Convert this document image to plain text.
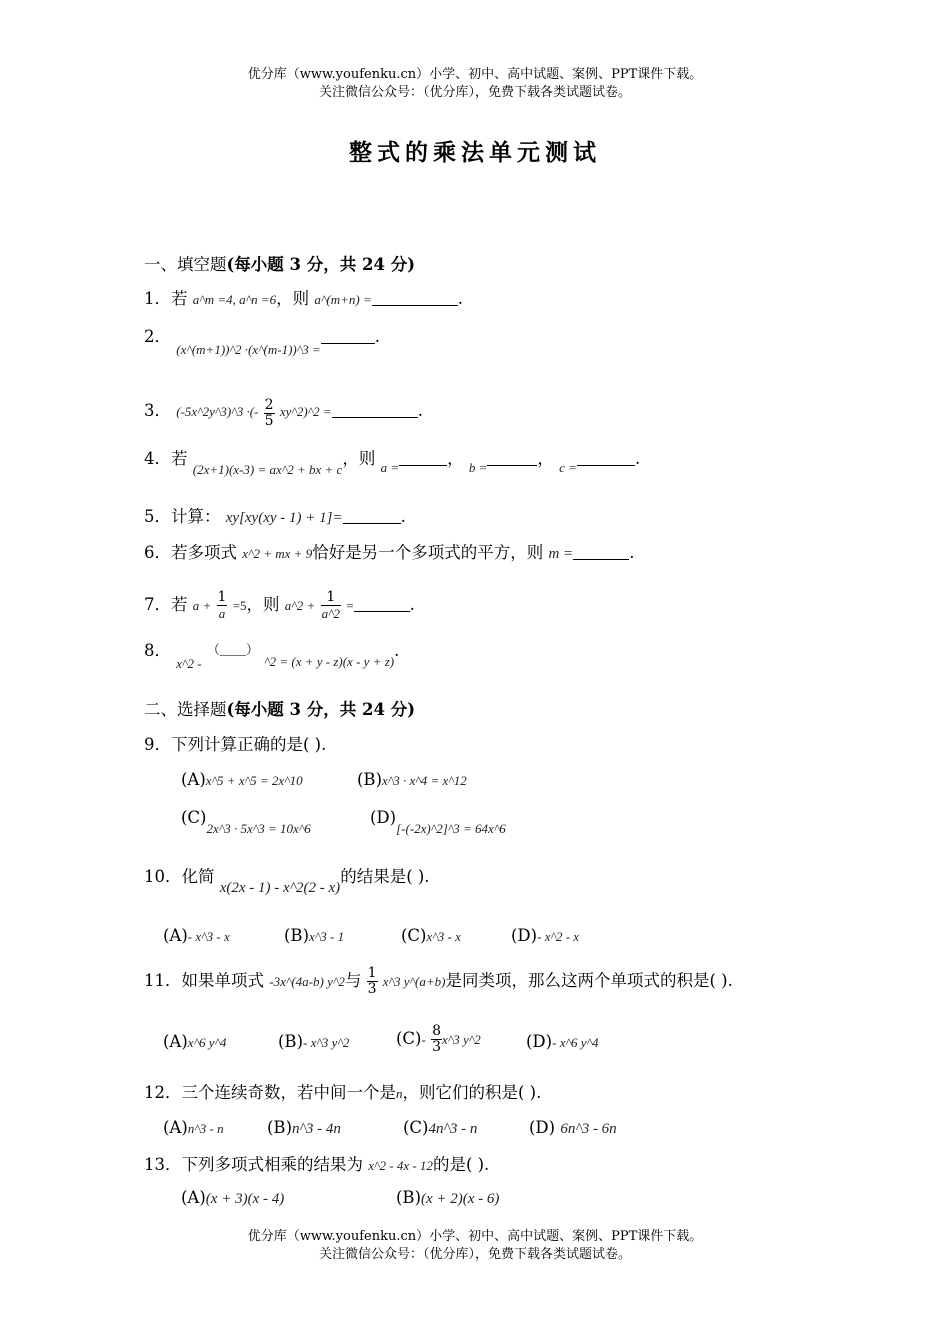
优分库（www.youfenku.cn）小学、初中、高中试题、案例、PPT课件下载。
关注微信公众号：（优分库），免费下载各类试题试卷。
整式的乘法单元测试
一、填空题(每小题 3 分，共 24 分)
1．若 a^m =4, a^n =6，则 a^(m+n) =	.
2． $_{(x\^{}(m+1))\^{}2 \cdot(x\^{}(m-1))\^{}3 =}$.
3． (-5x^2y^3)^3 ·(- $\frac{2}{5}$ xy^2)^2 =	.
4．若 $_{(2x+1)(x-3) = ax\^{}2 + bx + c}$，则 $_{a =}$	， $_{b =}$	， $_{c =}$	.
5．计算： xy[xy(xy - 1) + 1]=	.
6．若多项式 x^2 + mx + 9恰好是另一个多项式的平方，则 m =	.
7．若 $a + \frac{1}{a} =5$，则 a^2 + $\frac{1}{a\^{}2}$ =	.
8． $_{x\^{}2 -}$ （____） $_{\^{}2 = (x + y - z)(x - y + z)}$.
二、选择题(每小题 3 分，共 24 分)
9．下列计算正确的是( ).
(A)x^5 + x^5 = 2x^10	(B)x^3 · x^4 = x^12
$(C)_{2x\^{}3 \cdot 5x\^{}3 = 10x\^{}6}$
$(D)_{[-(-2x)\^{}2]\^{}3 = 64x\^{}6}$
10．化简 x(2x - 1) - x^2(2 - x)的结果是( ).
(A)- x^3 - x	(B)x^3 - 1	(C)x^3 - x	(D)- x^2 - x
11．如果单项式 -3x^(4a-b) y^2与 $\frac{1}{3}$ x^3 y^(a+b)是同类项，那么这两个单项式的积是( ).
(A)x^6 y^4	(B)- x^3 y^2	$(C)- \frac{8}{3}$ x^3 y^2	(D)- x^6 y^4
12．三个连续奇数，若中间一个是n，则它们的积是( ).
(A)n^3 - n	(B)n^3 - 4n	(C)4n^3 - n	(D) 6n^3 - 6n
13．下列多项式相乘的结果为 x^2 - 4x - 12的是( ).
(A)(x + 3)(x - 4)	(B)(x + 2)(x - 6)
优分库（www.youfenku.cn）小学、初中、高中试题、案例、PPT课件下载。
关注微信公众号：（优分库），免费下载各类试题试卷。
